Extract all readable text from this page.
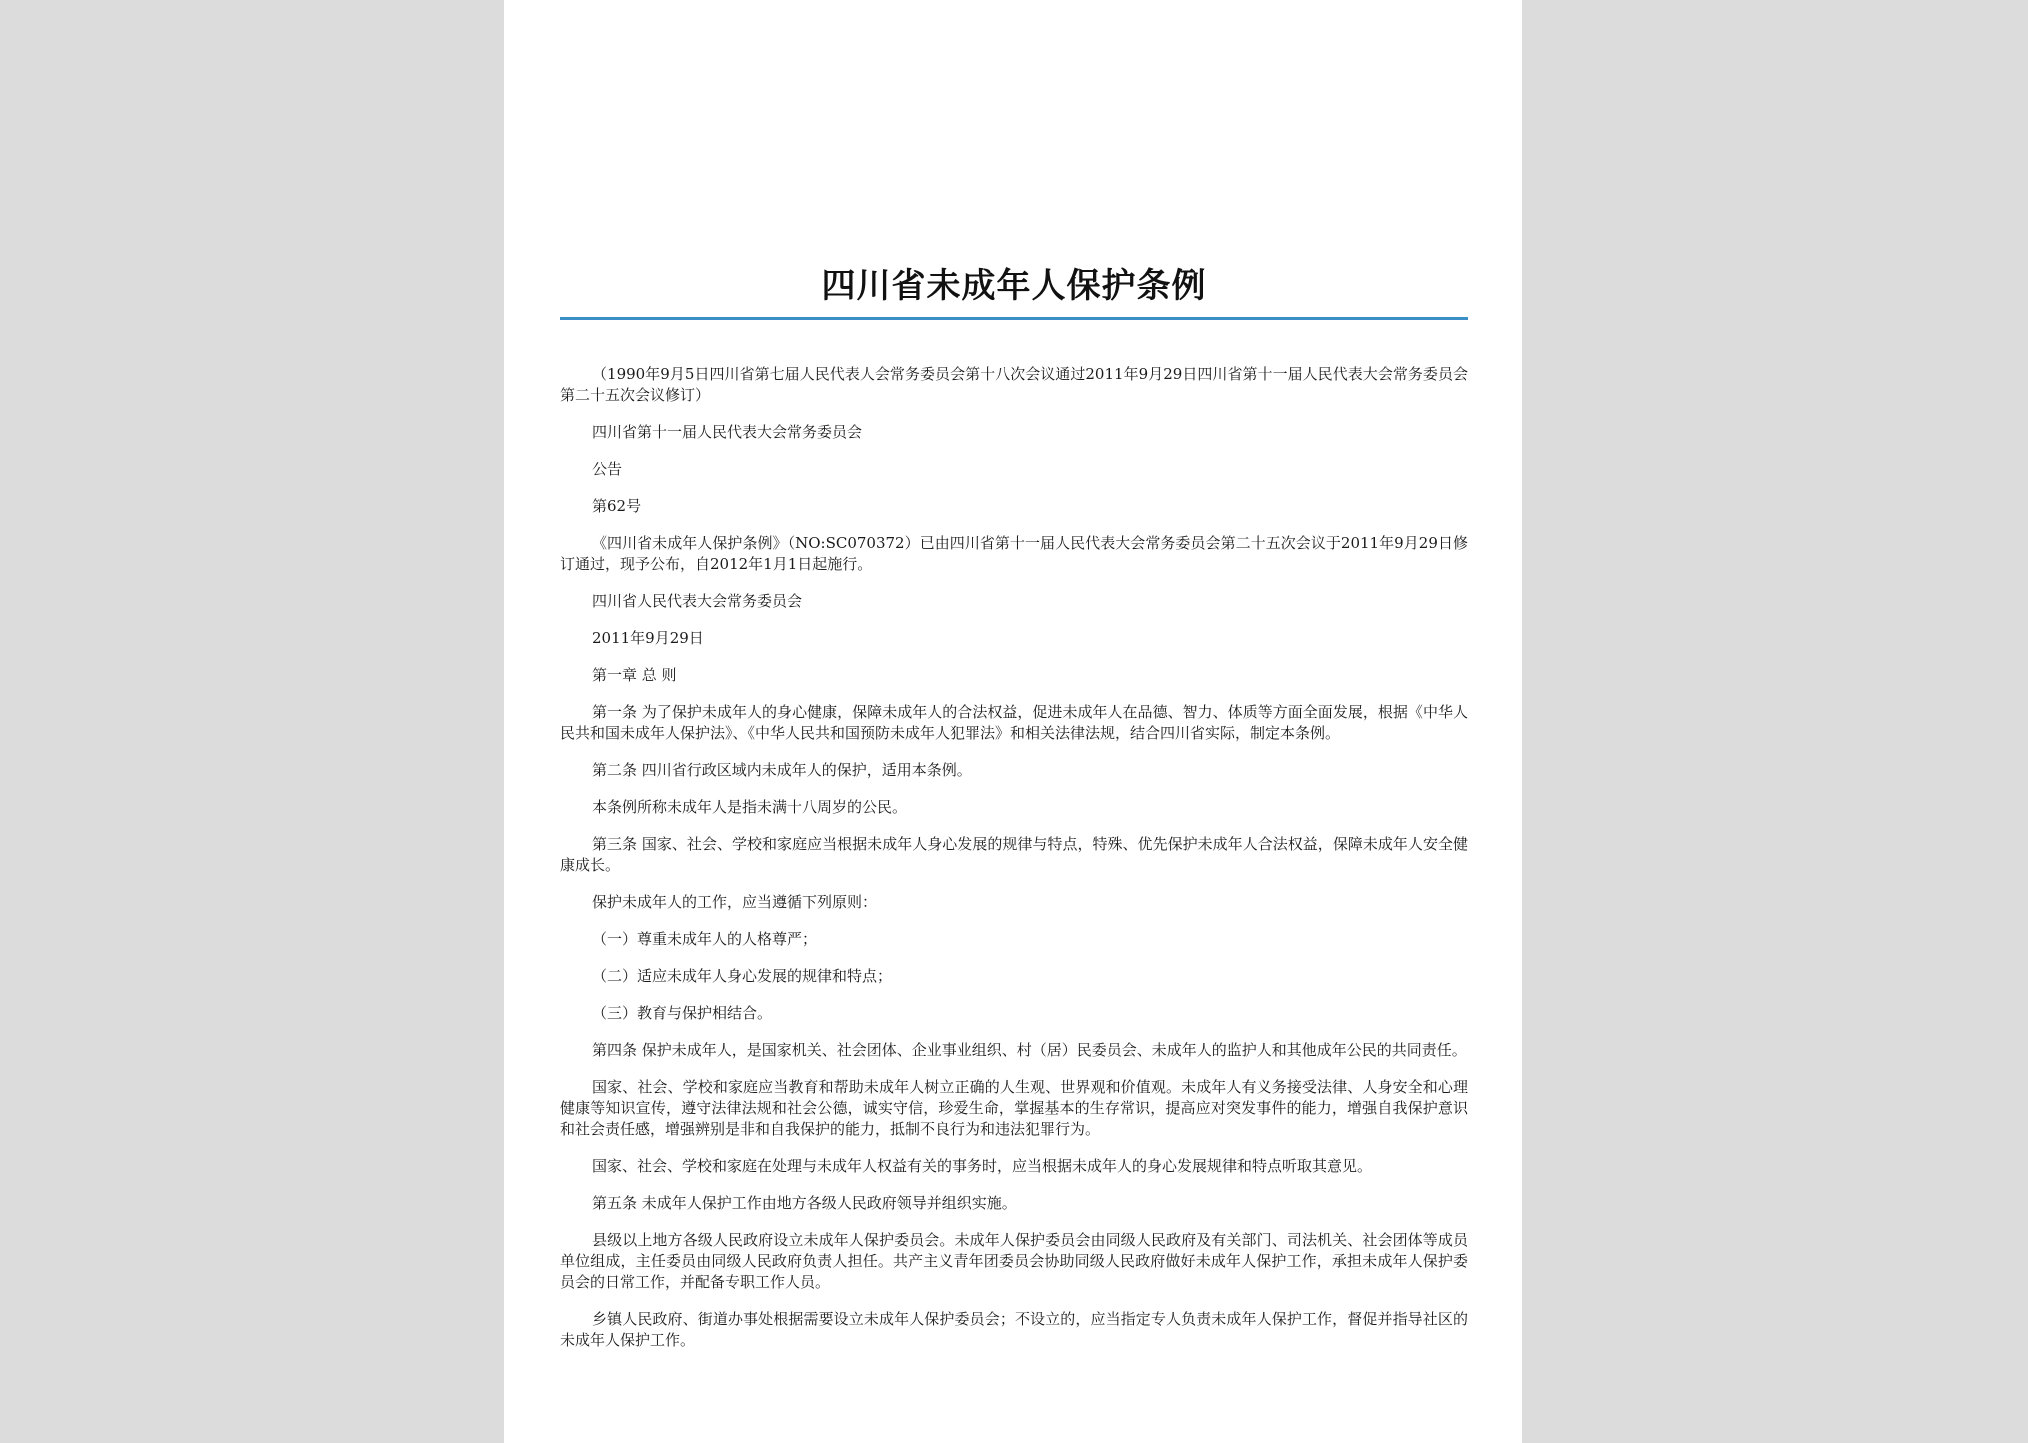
四川省未成年人保护条例

（1990年9月5日四川省第七届人民代表人会常务委员会第十八次会议通过2011年9月29日四川省第十一届人民代表大会常务委员会第二十五次会议修订）

四川省第十一届人民代表大会常务委员会

公告

第62号

《四川省未成年人保护条例》（NO:SC070372）已由四川省第十一届人民代表大会常务委员会第二十五次会议于2011年9月29日修订通过，现予公布，自2012年1月1日起施行。

四川省人民代表大会常务委员会

2011年9月29日

第一章 总 则

第一条 为了保护未成年人的身心健康，保障未成年人的合法权益，促进未成年人在品德、智力、体质等方面全面发展，根据《中华人民共和国未成年人保护法》、《中华人民共和国预防未成年人犯罪法》和相关法律法规，结合四川省实际，制定本条例。

第二条 四川省行政区域内未成年人的保护，适用本条例。

本条例所称未成年人是指未满十八周岁的公民。

第三条 国家、社会、学校和家庭应当根据未成年人身心发展的规律与特点，特殊、优先保护未成年人合法权益，保障未成年人安全健康成长。

保护未成年人的工作，应当遵循下列原则：

（一）尊重未成年人的人格尊严；

（二）适应未成年人身心发展的规律和特点；

（三）教育与保护相结合。

第四条 保护未成年人，是国家机关、社会团体、企业事业组织、村（居）民委员会、未成年人的监护人和其他成年公民的共同责任。

国家、社会、学校和家庭应当教育和帮助未成年人树立正确的人生观、世界观和价值观。未成年人有义务接受法律、人身安全和心理健康等知识宣传，遵守法律法规和社会公德，诚实守信，珍爱生命，掌握基本的生存常识，提高应对突发事件的能力，增强自我保护意识和社会责任感，增强辨别是非和自我保护的能力，抵制不良行为和违法犯罪行为。

国家、社会、学校和家庭在处理与未成年人权益有关的事务时，应当根据未成年人的身心发展规律和特点听取其意见。

第五条 未成年人保护工作由地方各级人民政府领导并组织实施。

县级以上地方各级人民政府设立未成年人保护委员会。未成年人保护委员会由同级人民政府及有关部门、司法机关、社会团体等成员单位组成，主任委员由同级人民政府负责人担任。共产主义青年团委员会协助同级人民政府做好未成年人保护工作，承担未成年人保护委员会的日常工作，并配备专职工作人员。

乡镇人民政府、街道办事处根据需要设立未成年人保护委员会；不设立的，应当指定专人负责未成年人保护工作，督促并指导社区的未成年人保护工作。
